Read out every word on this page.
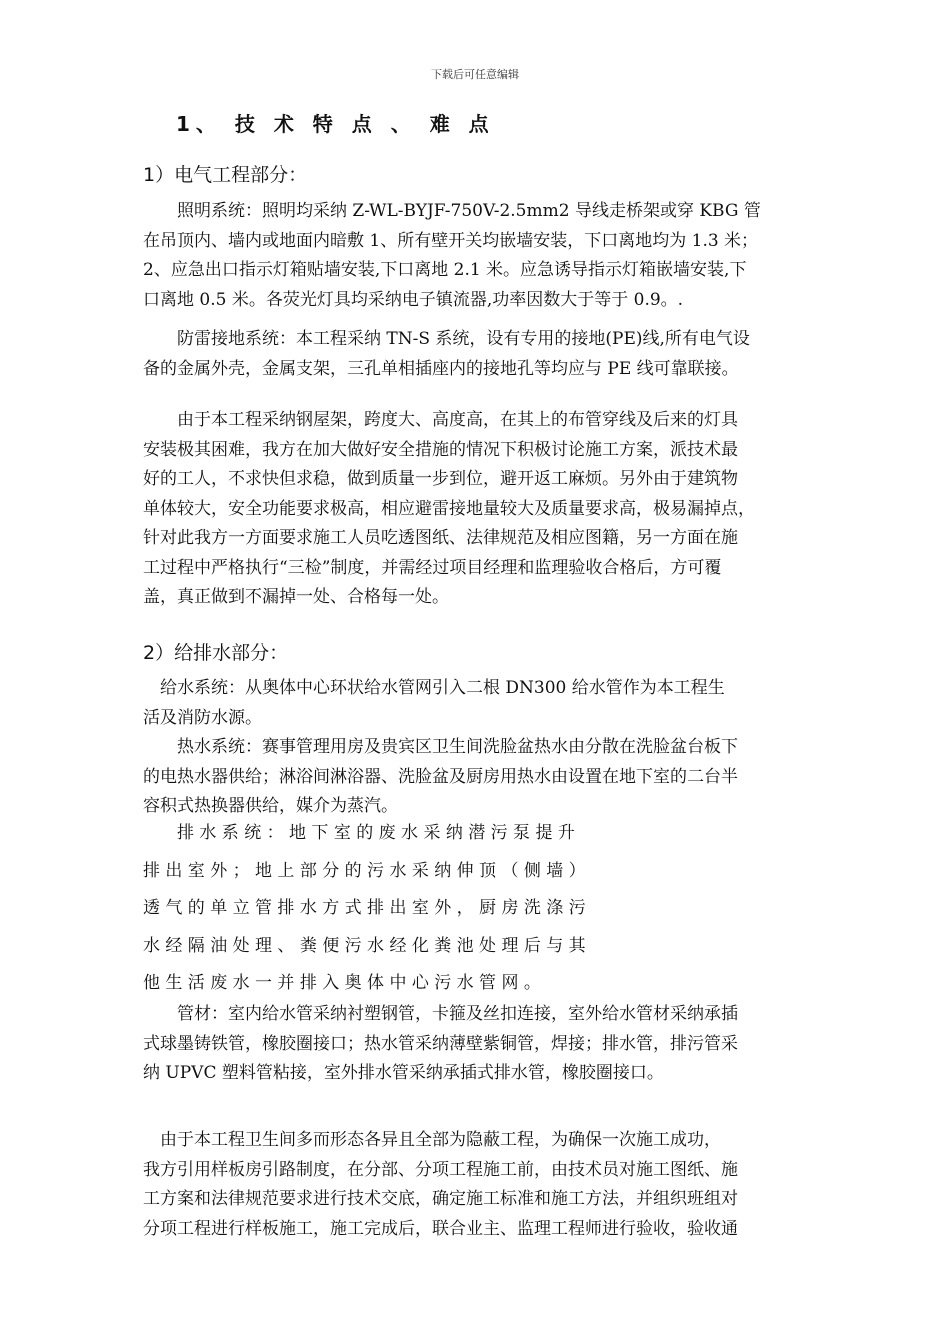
下载后可任意编辑
1、 技 术 特 点 、 难 点
1）电气工程部分：
　　照明系统：照明均采纳 Z-WL-BYJF-750V-2.5mm2 导线走桥架或穿 KBG 管
在吊顶内、墙内或地面内暗敷 1、所有壁开关均嵌墙安装，下口离地均为 1.3 米；
2、应急出口指示灯箱贴墙安装,下口离地 2.1 米。应急诱导指示灯箱嵌墙安装,下
口离地 0.5 米。各荧光灯具均采纳电子镇流器,功率因数大于等于 0.9。.
　　防雷接地系统：本工程采纳 TN-S 系统，设有专用的接地(PE)线,所有电气设
备的金属外壳，金属支架，三孔单相插座内的接地孔等均应与 PE 线可靠联接。
　　由于本工程采纳钢屋架，跨度大、高度高，在其上的布管穿线及后来的灯具
安装极其困难，我方在加大做好安全措施的情况下积极讨论施工方案，派技术最
好的工人，不求快但求稳，做到质量一步到位，避开返工麻烦。另外由于建筑物
单体较大，安全功能要求极高，相应避雷接地量较大及质量要求高，极易漏掉点，
针对此我方一方面要求施工人员吃透图纸、法律规范及相应图籍，另一方面在施
工过程中严格执行“三检”制度，并需经过项目经理和监理验收合格后，方可覆
盖，真正做到不漏掉一处、合格每一处。
2）给排水部分：
　给水系统：从奥体中心环状给水管网引入二根 DN300 给水管作为本工程生
活及消防水源。
　　热水系统：赛事管理用房及贵宾区卫生间洗脸盆热水由分散在洗脸盆台板下
的电热水器供给；淋浴间淋浴器、洗脸盆及厨房用热水由设置在地下室的二台半
容积式热换器供给，媒介为蒸汽。
　　排 水 系 统 ： 地 下 室 的 废 水 采 纳 潜 污 泵 提 升
排 出 室 外 ； 地 上 部 分 的 污 水 采 纳 伸 顶 （ 侧 墙 ）
透 气 的 单 立 管 排 水 方 式 排 出 室 外 ， 厨 房 洗 涤 污
水 经 隔 油 处 理 、 粪 便 污 水 经 化 粪 池 处 理 后 与 其
他 生 活 废 水 一 并 排 入 奥 体 中 心 污 水 管 网 。
　　管材：室内给水管采纳衬塑钢管，卡箍及丝扣连接，室外给水管材采纳承插
式球墨铸铁管，橡胶圈接口；热水管采纳薄壁紫铜管，焊接；排水管，排污管采
纳 UPVC 塑料管粘接，室外排水管采纳承插式排水管，橡胶圈接口。
　由于本工程卫生间多而形态各异且全部为隐蔽工程，为确保一次施工成功，
我方引用样板房引路制度，在分部、分项工程施工前，由技术员对施工图纸、施
工方案和法律规范要求进行技术交底，确定施工标准和施工方法，并组织班组对
分项工程进行样板施工，施工完成后，联合业主、监理工程师进行验收，验收通
